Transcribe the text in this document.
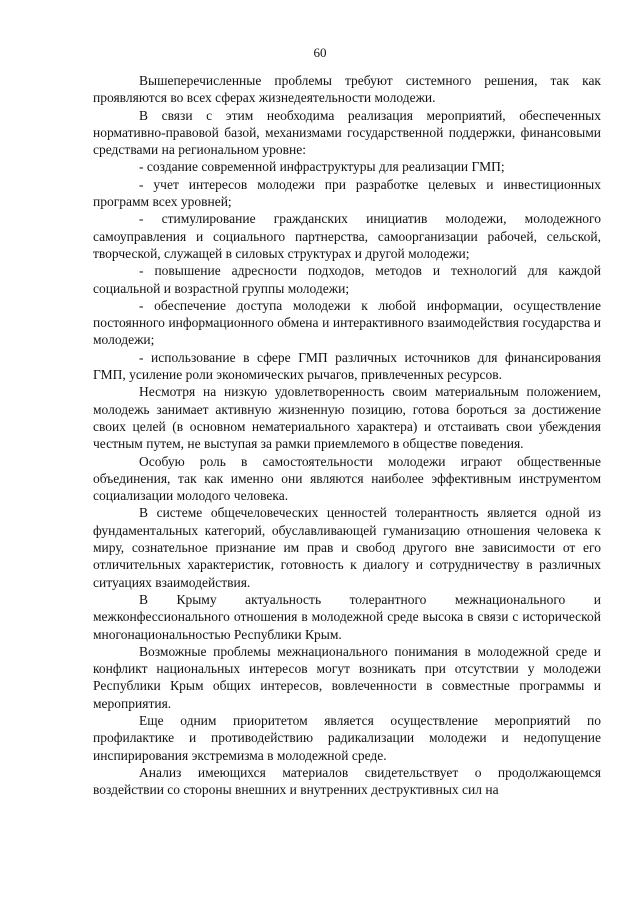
60

Вышеперечисленные проблемы требуют системного решения, так как проявляются во всех сферах жизнедеятельности молодежи.

В связи с этим необходима реализация мероприятий, обеспеченных нормативно-правовой базой, механизмами государственной поддержки, финансовыми средствами на региональном уровне:

- создание современной инфраструктуры для реализации ГМП;

- учет интересов молодежи при разработке целевых и инвестиционных программ всех уровней;

- стимулирование гражданских инициатив молодежи, молодежного самоуправления и социального партнерства, самоорганизации рабочей, сельской, творческой, служащей в силовых структурах и другой молодежи;

- повышение адресности подходов, методов и технологий для каждой социальной и возрастной группы молодежи;

- обеспечение доступа молодежи к любой информации, осуществление постоянного информационного обмена и интерактивного взаимодействия государства и молодежи;

- использование в сфере ГМП различных источников для финансирования ГМП, усиление роли экономических рычагов, привлеченных ресурсов.

Несмотря на низкую удовлетворенность своим материальным положением, молодежь занимает активную жизненную позицию, готова бороться за достижение своих целей (в основном нематериального характера) и отстаивать свои убеждения честным путем, не выступая за рамки приемлемого в обществе поведения.

Особую роль в самостоятельности молодежи играют общественные объединения, так как именно они являются наиболее эффективным инструментом социализации молодого человека.

В системе общечеловеческих ценностей толерантность является одной из фундаментальных категорий, обуславливающей гуманизацию отношения человека к миру, сознательное признание им прав и свобод другого вне зависимости от его отличительных характеристик, готовность к диалогу и сотрудничеству в различных ситуациях взаимодействия.

В Крыму актуальность толерантного межнационального и межконфессионального отношения в молодежной среде высока в связи с исторической многонациональностью Республики Крым.

Возможные проблемы межнационального понимания в молодежной среде и конфликт национальных интересов могут возникать при отсутствии у молодежи Республики Крым общих интересов, вовлеченности в совместные программы и мероприятия.

Еще одним приоритетом является осуществление мероприятий по профилактике и противодействию радикализации молодежи и недопущение инспирирования экстремизма в молодежной среде.

Анализ имеющихся материалов свидетельствует о продолжающемся воздействии со стороны внешних и внутренних деструктивных сил на
